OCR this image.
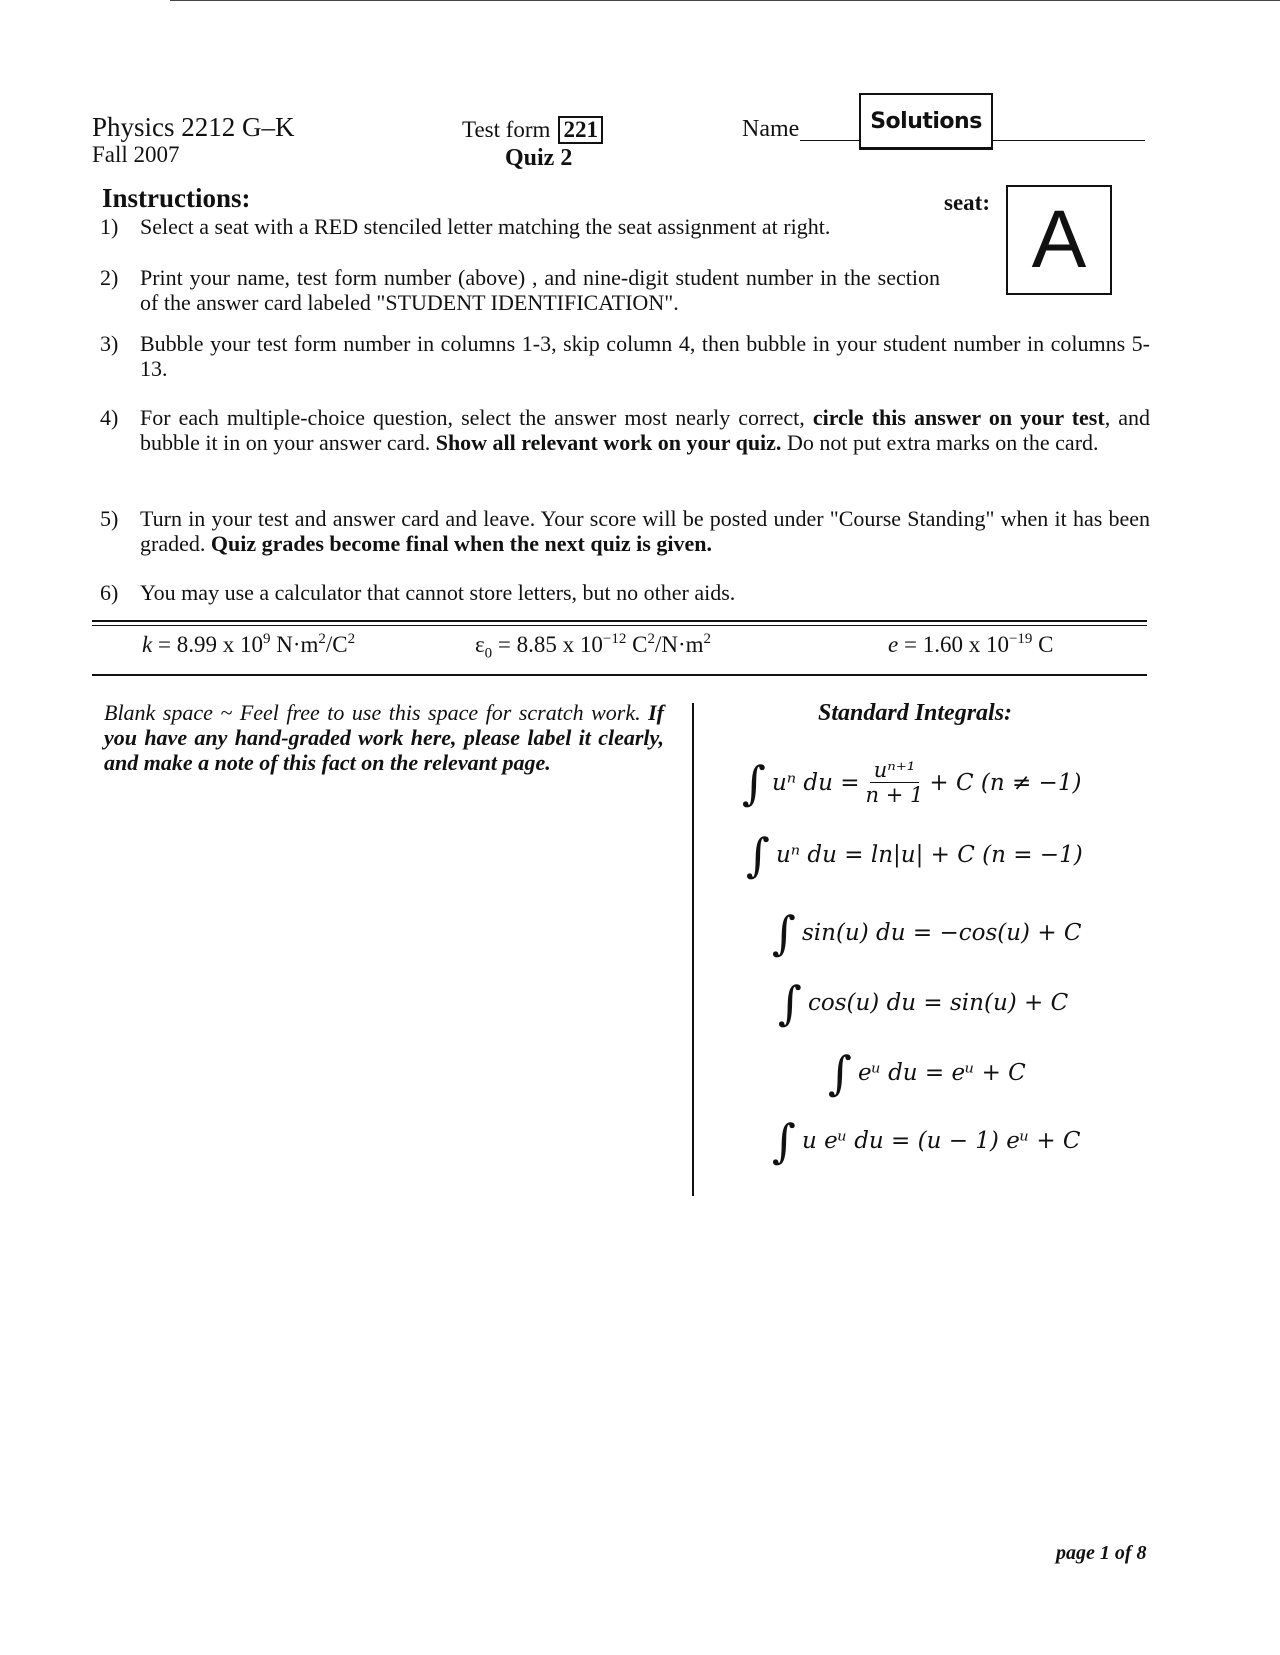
Physics 2212 G–K
Fall 2007
Test form 221
Quiz 2
Name	Solutions
Instructions:	seat: A
1) Select a seat with a RED stenciled letter matching the seat assignment at right.
2) Print your name, test form number (above) , and nine-digit student number in the section of the answer card labeled "STUDENT IDENTIFICATION".
3) Bubble your test form number in columns 1-3, skip column 4, then bubble in your student number in columns 5-13.
4) For each multiple-choice question, select the answer most nearly correct, circle this answer on your test, and bubble it in on your answer card. Show all relevant work on your quiz. Do not put extra marks on the card.
5) Turn in your test and answer card and leave. Your score will be posted under "Course Standing" when it has been graded. Quiz grades become final when the next quiz is given.
6) You may use a calculator that cannot store letters, but no other aids.
k = 8.99 x $10^9$ $N\cdot m^2/C^2$	$\varepsilon_0 = 8.85$ x $10^{-12}$ $C^2/N\cdot m^2$	e = 1.60 x $10^{-19}$ C
Blank space ~ Feel free to use this space for scratch work. If you have any hand-graded work here, please label it clearly, and make a note of this fact on the relevant page.
Standard Integrals:
∫ uⁿ du = $\frac{\text{uⁿ⁺¹}}{n + 1} + C$ (n ≠ −1)
∫ uⁿ du = ln|u| + C (n = −1)
∫ sin(u) du = −cos(u) + C
∫ cos(u) du = sin(u) + C
∫ eᵘ du = eᵘ + C
∫ u eᵘ du = (u − 1) eᵘ + C
page 1 of 8
